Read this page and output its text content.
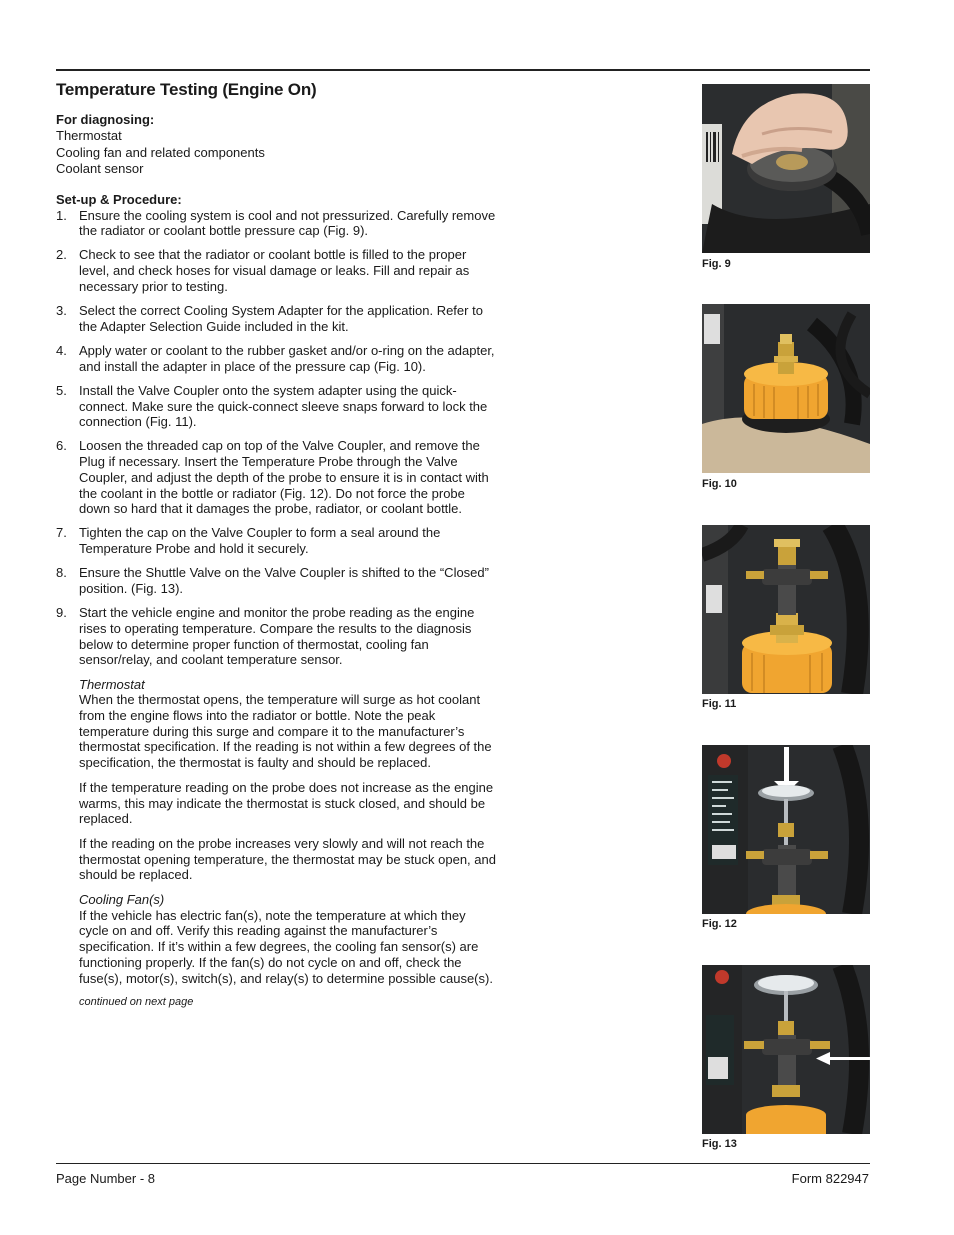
Temperature Testing (Engine On)
For diagnosing:
Thermostat
Cooling fan and related components
Coolant sensor
Set-up & Procedure:
1. Ensure the cooling system is cool and not pressurized. Carefully remove the radiator or coolant bottle pressure cap (Fig. 9).
2. Check to see that the radiator or coolant bottle is filled to the proper level, and check hoses for visual damage or leaks. Fill and repair as necessary prior to testing.
3. Select the correct Cooling System Adapter for the application. Refer to the Adapter Selection Guide included in the kit.
4. Apply water or coolant to the rubber gasket and/or o-ring on the adapter, and install the adapter in place of the pressure cap (Fig. 10).
5. Install the Valve Coupler onto the system adapter using the quick-connect. Make sure the quick-connect sleeve snaps forward to lock the connection (Fig. 11).
6. Loosen the threaded cap on top of the Valve Coupler, and remove the Plug if necessary. Insert the Temperature Probe through the Valve Coupler, and adjust the depth of the probe to ensure it is in contact with the coolant in the bottle or radiator (Fig. 12). Do not force the probe down so hard that it damages the probe, radiator, or coolant bottle.
7. Tighten the cap on the Valve Coupler to form a seal around the Temperature Probe and hold it securely.
8. Ensure the Shuttle Valve on the Valve Coupler is shifted to the “Closed” position. (Fig. 13).
9. Start the vehicle engine and monitor the probe reading as the engine rises to operating temperature. Compare the results to the diagnosis below to determine proper function of thermostat, cooling fan sensor/relay, and coolant temperature sensor.

Thermostat
When the thermostat opens, the temperature will surge as hot coolant from the engine flows into the radiator or bottle. Note the peak temperature during this surge and compare it to the manufacturer’s thermostat specification. If the reading is not within a few degrees of the specification, the thermostat is faulty and should be replaced.

If the temperature reading on the probe does not increase as the engine warms, this may indicate the thermostat is stuck closed, and should be replaced.

If the reading on the probe increases very slowly and will not reach the thermostat opening temperature, the thermostat may be stuck open, and should be replaced.

Cooling Fan(s)
If the vehicle has electric fan(s), note the temperature at which they cycle on and off. Verify this reading against the manufacturer’s specification. If it’s within a few degrees, the cooling fan sensor(s) are functioning properly. If the fan(s) do not cycle on and off, check the fuse(s), motor(s), switch(s), and relay(s) to determine possible cause(s).

continued on next page
Fig. 9
Fig. 10
Fig. 11
Fig. 12
Fig. 13
Page Number - 8	Form 822947
